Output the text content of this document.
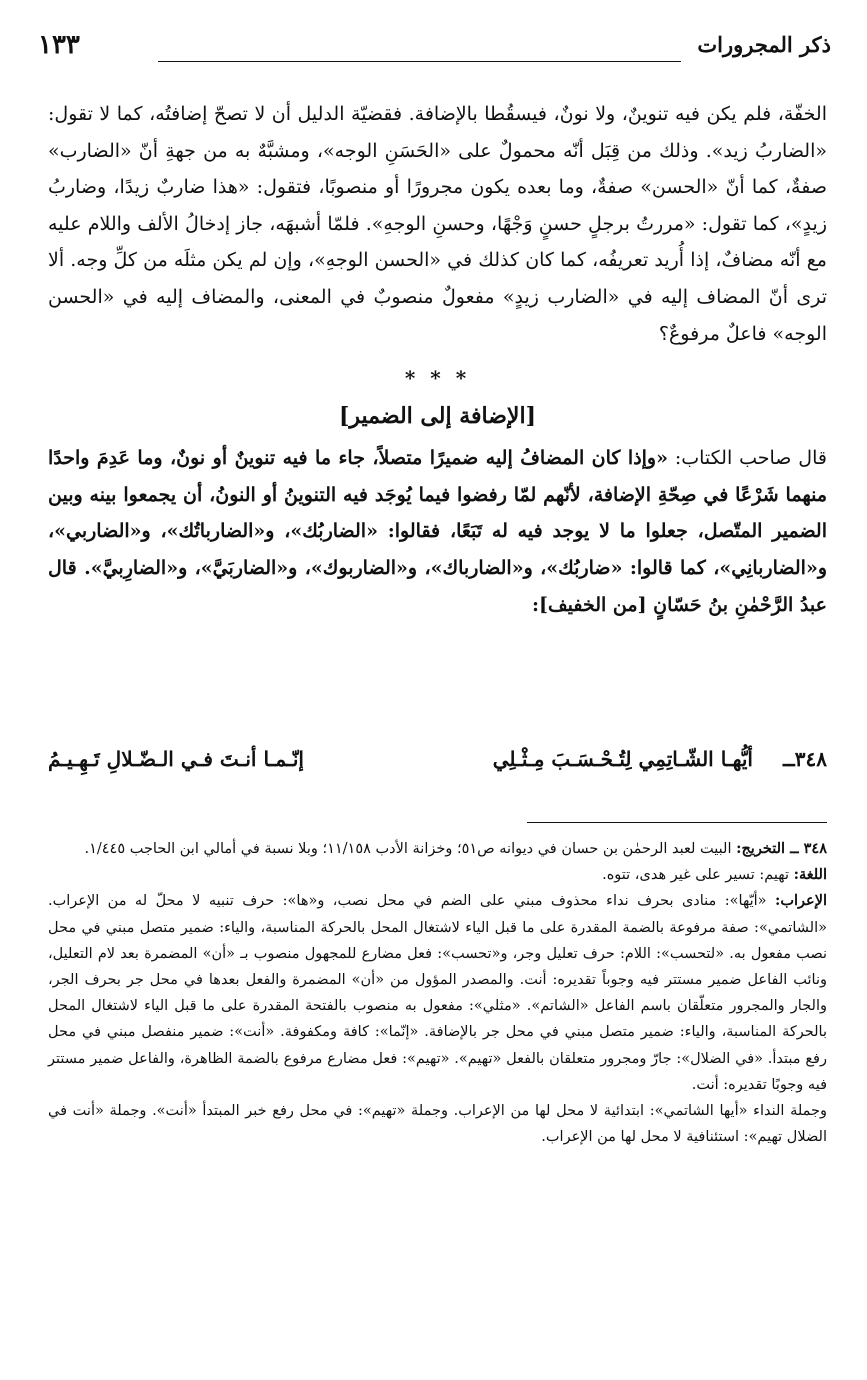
ذكر المجرورات
١٣٣

الخفّة، فلم يكن فيه تنوينٌ، ولا نونٌ، فيسقُطا بالإضافة. فقضيّة الدليل أن لا تصحّ إضافتُه، كما لا تقول: «الضاربُ زيد». وذلك من قِبَل أنّه محمولٌ على «الحَسَنِ الوجه»، ومشبَّهٌ به من جهةِ أنّ «الضارب» صفةٌ، كما أنّ «الحسن» صفةٌ، وما بعده يكون مجرورًا أو منصوبًا، فتقول: «هذا ضاربٌ زيدًا، وضاربُ زيدٍ»، كما تقول: «مررتُ برجلٍ حسنٍ وَجْهًا، وحسنِ الوجهِ». فلمّا أشبهَه، جاز إدخالُ الألف واللام عليه مع أنّه مضافٌ، إذا أُريد تعريفُه، كما كان كذلك في «الحسن الوجهِ»، وإن لم يكن مثلَه من كلِّ وجه. ألا ترى أنّ المضاف إليه في «الضارب زيدٍ» مفعولٌ منصوبٌ في المعنى، والمضاف إليه في «الحسن الوجه» فاعلٌ مرفوعٌ؟

* * *
[الإضافة إلى الضمير]

قال صاحب الكتاب: «وإذا كان المضافُ إليه ضميرًا متصلاً، جاء ما فيه تنوينٌ أو نونٌ، وما عَدِمَ واحدًا منهما شَرْعًا في صِحّةِ الإضافة، لأنّهم لمّا رفضوا فيما يُوجَد فيه التنوينُ أو النونُ، أن يجمعوا بينه وبين الضمير المتّصل، جعلوا ما لا يوجد فيه له تَبَعًا، فقالوا: «الضاربُك»، و«الضارباتُك»، و«الضاربي»، و«الضاربانِي»، كما قالوا: «ضاربُك»، و«الضارباك»، و«الضاربوك»، و«الضاربَيَّ»، و«الضارِبيَّ». قال عبدُ الرَّحْمٰنِ بنُ حَسّانٍ [من الخفيف]:

٣٤٨ــ
أيُّهـا الشّـاتِمِي لِتُـحْـسَـبَ مِـثْـلِي
إنّـمـا أنـتَ فـي الـضّـلالِ تَـهِـيـمُ

٣٤٨ ــ التخريج: البيت لعبد الرحمٰن بن حسان في ديوانه ص٥١؛ وخزانة الأدب ١١/١٥٨؛ وبلا نسبة في أمالي ابن الحاجب ١/٤٤٥.

اللغة: تهيم: تسير على غير هدى، تتوه.

الإعراب: «أيّها»: منادى بحرف نداء محذوف مبني على الضم في محل نصب، و«ها»: حرف تنبيه لا محلّ له من الإعراب. «الشاتمي»: صفة مرفوعة بالضمة المقدرة على ما قبل الياء لاشتغال المحل بالحركة المناسبة، والياء: ضمير متصل مبني في محل نصب مفعول به. «لتحسب»: اللام: حرف تعليل وجر، و«تحسب»: فعل مضارع للمجهول منصوب بـ «أن» المضمرة بعد لام التعليل، ونائب الفاعل ضمير مستتر فيه وجوباً تقديره: أنت. والمصدر المؤول من «أن» المضمرة والفعل بعدها في محل جر بحرف الجر، والجار والمجرور متعلّقان باسم الفاعل «الشاتم». «مثلي»: مفعول به منصوب بالفتحة المقدرة على ما قبل الياء لاشتغال المحل بالحركة المناسبة، والياء: ضمير متصل مبني في محل جر بالإضافة. «إنّما»: كافة ومكفوفة. «أنت»: ضمير منفصل مبني في محل رفع مبتدأ. «في الضلال»: جارّ ومجرور متعلقان بالفعل «تهيم». «تهيم»: فعل مضارع مرفوع بالضمة الظاهرة، والفاعل ضمير مستتر فيه وجوبًا تقديره: أنت.

وجملة النداء «أيها الشاتمي»: ابتدائية لا محل لها من الإعراب. وجملة «تهيم»: في محل رفع خبر المبتدأ «أنت». وجملة «أنت في الضلال تهيم»: استئنافية لا محل لها من الإعراب.
